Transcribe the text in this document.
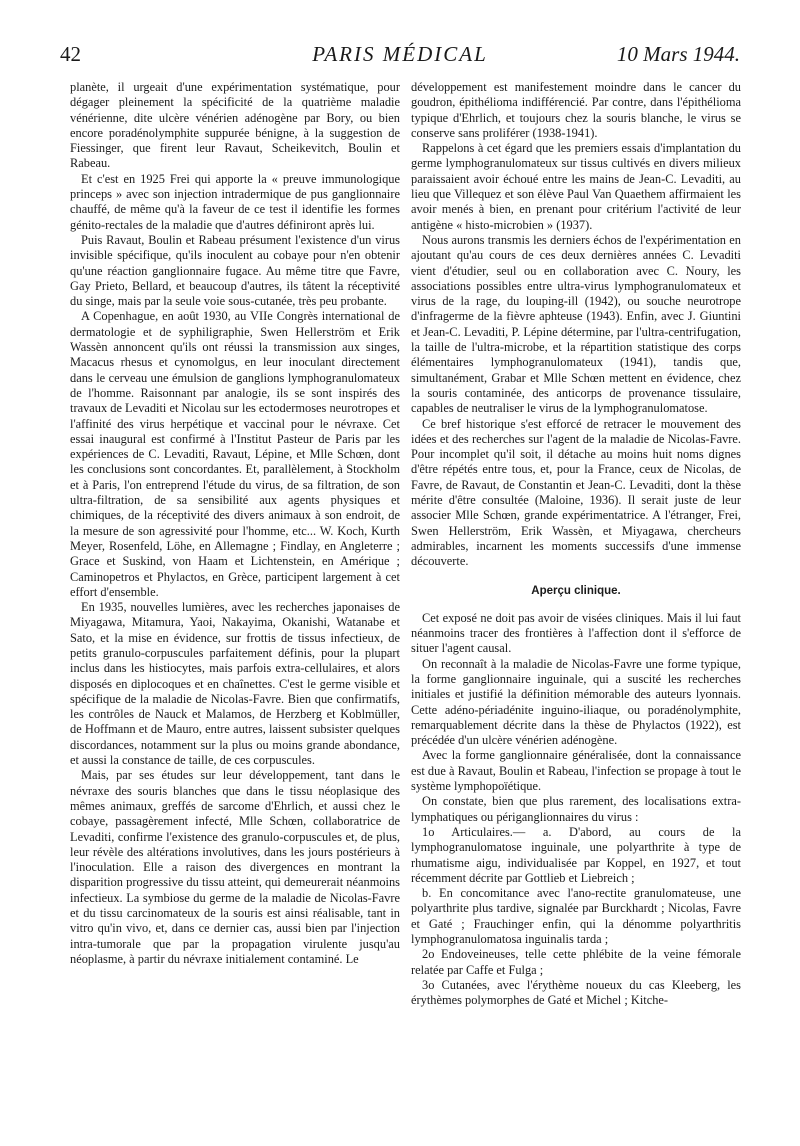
42	PARIS MÉDICAL	10 Mars 1944.

planète, il urgeait d'une expérimentation systématique, pour dégager pleinement la spécificité de la quatrième maladie vénérienne, dite ulcère vénérien adénogène par Bory, ou bien encore poradénolymphite suppurée bénigne, à la suggestion de Fiessinger, que firent leur Ravaut, Scheikevitch, Boulin et Rabeau.

Et c'est en 1925 Frei qui apporte la « preuve immunologique princeps » avec son injection intradermique de pus ganglionnaire chauffé, de même qu'à la faveur de ce test il identifie les formes génito-rectales de la maladie que d'autres définiront après lui.

Puis Ravaut, Boulin et Rabeau présument l'existence d'un virus invisible spécifique, qu'ils inoculent au cobaye pour n'en obtenir qu'une réaction ganglionnaire fugace. Au même titre que Favre, Gay Prieto, Bellard, et beaucoup d'autres, ils tâtent la réceptivité du singe, mais par la seule voie sous-cutanée, très peu probante.

A Copenhague, en août 1930, au VIIe Congrès international de dermatologie et de syphiligraphie, Swen Hellerström et Erik Wassèn annoncent qu'ils ont réussi la transmission aux singes, Macacus rhesus et cynomolgus, en leur inoculant directement dans le cerveau une émulsion de ganglions lymphogranulomateux de l'homme. Raisonnant par analogie, ils se sont inspirés des travaux de Levaditi et Nicolau sur les ectodermoses neurotropes et l'affinité des virus herpétique et vaccinal pour le névraxe. Cet essai inaugural est confirmé à l'Institut Pasteur de Paris par les expériences de C. Levaditi, Ravaut, Lépine, et Mlle Schœn, dont les conclusions sont concordantes. Et, parallèlement, à Stockholm et à Paris, l'on entreprend l'étude du virus, de sa filtration, de son ultra-filtration, de sa sensibilité aux agents physiques et chimiques, de la réceptivité des divers animaux à son endroit, de la mesure de son agressivité pour l'homme, etc... W. Koch, Kurth Meyer, Rosenfeld, Löhe, en Allemagne ; Findlay, en Angleterre ; Grace et Suskind, von Haam et Lichtenstein, en Amérique ; Caminopetros et Phylactos, en Grèce, participent largement à cet effort d'ensemble.

En 1935, nouvelles lumières, avec les recherches japonaises de Miyagawa, Mitamura, Yaoi, Nakayima, Okanishi, Watanabe et Sato, et la mise en évidence, sur frottis de tissus infectieux, de petits granulo-corpuscules parfaitement définis, pour la plupart inclus dans les histiocytes, mais parfois extra-cellulaires, et alors disposés en diplocoques et en chaînettes. C'est le germe visible et spécifique de la maladie de Nicolas-Favre. Bien que confirmatifs, les contrôles de Nauck et Malamos, de Herzberg et Koblmüller, de Hoffmann et de Mauro, entre autres, laissent subsister quelques discordances, notamment sur la plus ou moins grande abondance, et aussi la constance de taille, de ces corpuscules.

Mais, par ses études sur leur développement, tant dans le névraxe des souris blanches que dans le tissu néoplasique des mêmes animaux, greffés de sarcome d'Ehrlich, et aussi chez le cobaye, passagèrement infecté, Mlle Schœn, collaboratrice de Levaditi, confirme l'existence des granulo-corpuscules et, de plus, leur révèle des altérations involutives, dans les jours postérieurs à l'inoculation. Elle a raison des divergences en montrant la disparition progressive du tissu atteint, qui demeurerait néanmoins infectieux. La symbiose du germe de la maladie de Nicolas-Favre et du tissu carcinomateux de la souris est ainsi réalisable, tant in vitro qu'in vivo, et, dans ce dernier cas, aussi bien par l'injection intra-tumorale que par la propagation virulente jusqu'au néoplasme, à partir du névraxe initialement contaminé. Le

développement est manifestement moindre dans le cancer du goudron, épithélioma indifférencié. Par contre, dans l'épithélioma typique d'Ehrlich, et toujours chez la souris blanche, le virus se conserve sans proliférer (1938-1941).

Rappelons à cet égard que les premiers essais d'implantation du germe lymphogranulomateux sur tissus cultivés en divers milieux paraissaient avoir échoué entre les mains de Jean-C. Levaditi, au lieu que Villequez et son élève Paul Van Quaethem affirmaient les avoir menés à bien, en prenant pour critérium l'activité de leur antigène « histo-microbien » (1937).

Nous aurons transmis les derniers échos de l'expérimentation en ajoutant qu'au cours de ces deux dernières années C. Levaditi vient d'étudier, seul ou en collaboration avec C. Noury, les associations possibles entre ultra-virus lymphogranulomateux et virus de la rage, du louping-ill (1942), ou souche neurotrope d'infragerme de la fièvre aphteuse (1943). Enfin, avec J. Giuntini et Jean-C. Levaditi, P. Lépine détermine, par l'ultra-centrifugation, la taille de l'ultra-microbe, et la répartition statistique des corps élémentaires lymphogranulomateux (1941), tandis que, simultanément, Grabar et Mlle Schœn mettent en évidence, chez la souris contaminée, des anticorps de provenance tissulaire, capables de neutraliser le virus de la lymphogranulomatose.

Ce bref historique s'est efforcé de retracer le mouvement des idées et des recherches sur l'agent de la maladie de Nicolas-Favre. Pour incomplet qu'il soit, il détache au moins huit noms dignes d'être répétés entre tous, et, pour la France, ceux de Nicolas, de Favre, de Ravaut, de Constantin et Jean-C. Levaditi, dont la thèse mérite d'être consultée (Maloine, 1936). Il serait juste de leur associer Mlle Schœn, grande expérimentatrice. A l'étranger, Frei, Swen Hellerström, Erik Wassèn, et Miyagawa, chercheurs admirables, incarnent les moments successifs d'une immense découverte.

Aperçu clinique.

Cet exposé ne doit pas avoir de visées cliniques. Mais il lui faut néanmoins tracer des frontières à l'affection dont il s'efforce de situer l'agent causal.

On reconnaît à la maladie de Nicolas-Favre une forme typique, la forme ganglionnaire inguinale, qui a suscité les recherches initiales et justifié la définition mémorable des auteurs lyonnais. Cette adéno-périadénite inguino-iliaque, ou poradénolymphite, remarquablement décrite dans la thèse de Phylactos (1922), est précédée d'un ulcère vénérien adénogène.

Avec la forme ganglionnaire généralisée, dont la connaissance est due à Ravaut, Boulin et Rabeau, l'infection se propage à tout le système lymphopoïétique.

On constate, bien que plus rarement, des localisations extra-lymphatiques ou périganglionnaires du virus :

1o Articulaires.— a. D'abord, au cours de la lymphogranulomatose inguinale, une polyarthrite à type de rhumatisme aigu, individualisée par Koppel, en 1927, et tout récemment décrite par Gottlieb et Liebreich ;

b. En concomitance avec l'ano-rectite granulomateuse, une polyarthrite plus tardive, signalée par Burckhardt ; Nicolas, Favre et Gaté ; Frauchinger enfin, qui la dénomme polyarthritis lymphogranulomatosa inguinalis tarda ;

2o Endoveineuses, telle cette phlébite de la veine fémorale relatée par Caffe et Fulga ;

3o Cutanées, avec l'érythème noueux du cas Kleeberg, les érythèmes polymorphes de Gaté et Michel ; Kitche-
